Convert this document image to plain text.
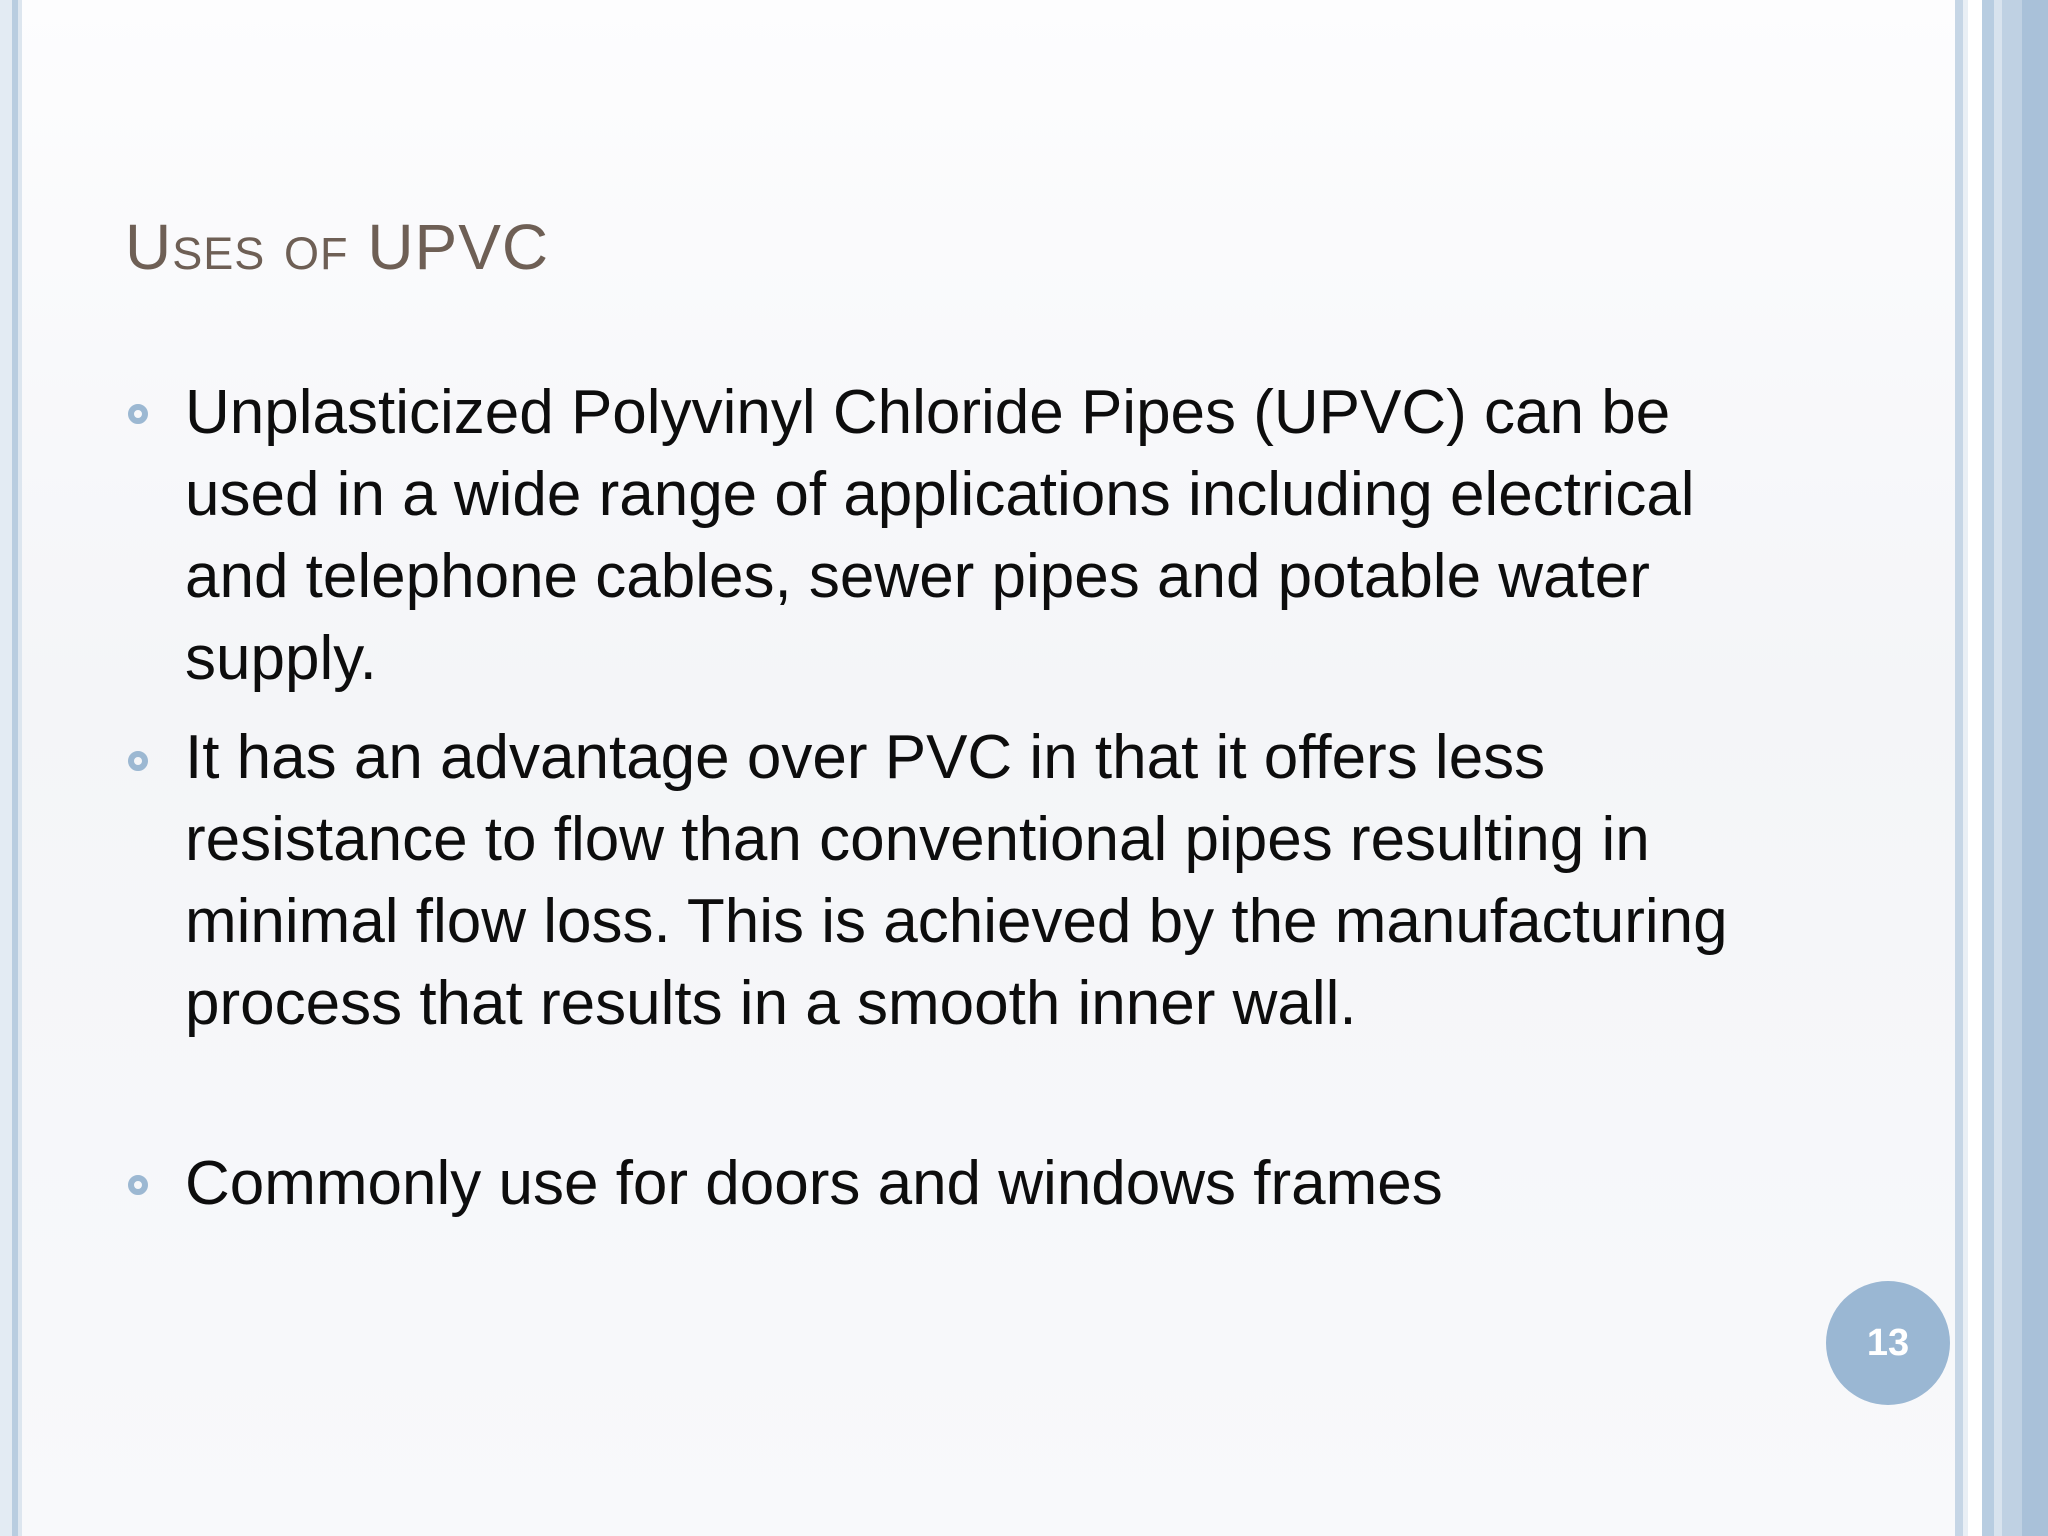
Uses of UPVC

Unplasticized Polyvinyl Chloride Pipes (UPVC) can be used in a wide range of applications including electrical and telephone cables, sewer pipes and potable water supply.

It has an advantage over PVC in that it offers less resistance to flow than conventional pipes resulting in minimal flow loss. This is achieved by the manufacturing process that results in a smooth inner wall.

Commonly use for doors and windows frames

13
